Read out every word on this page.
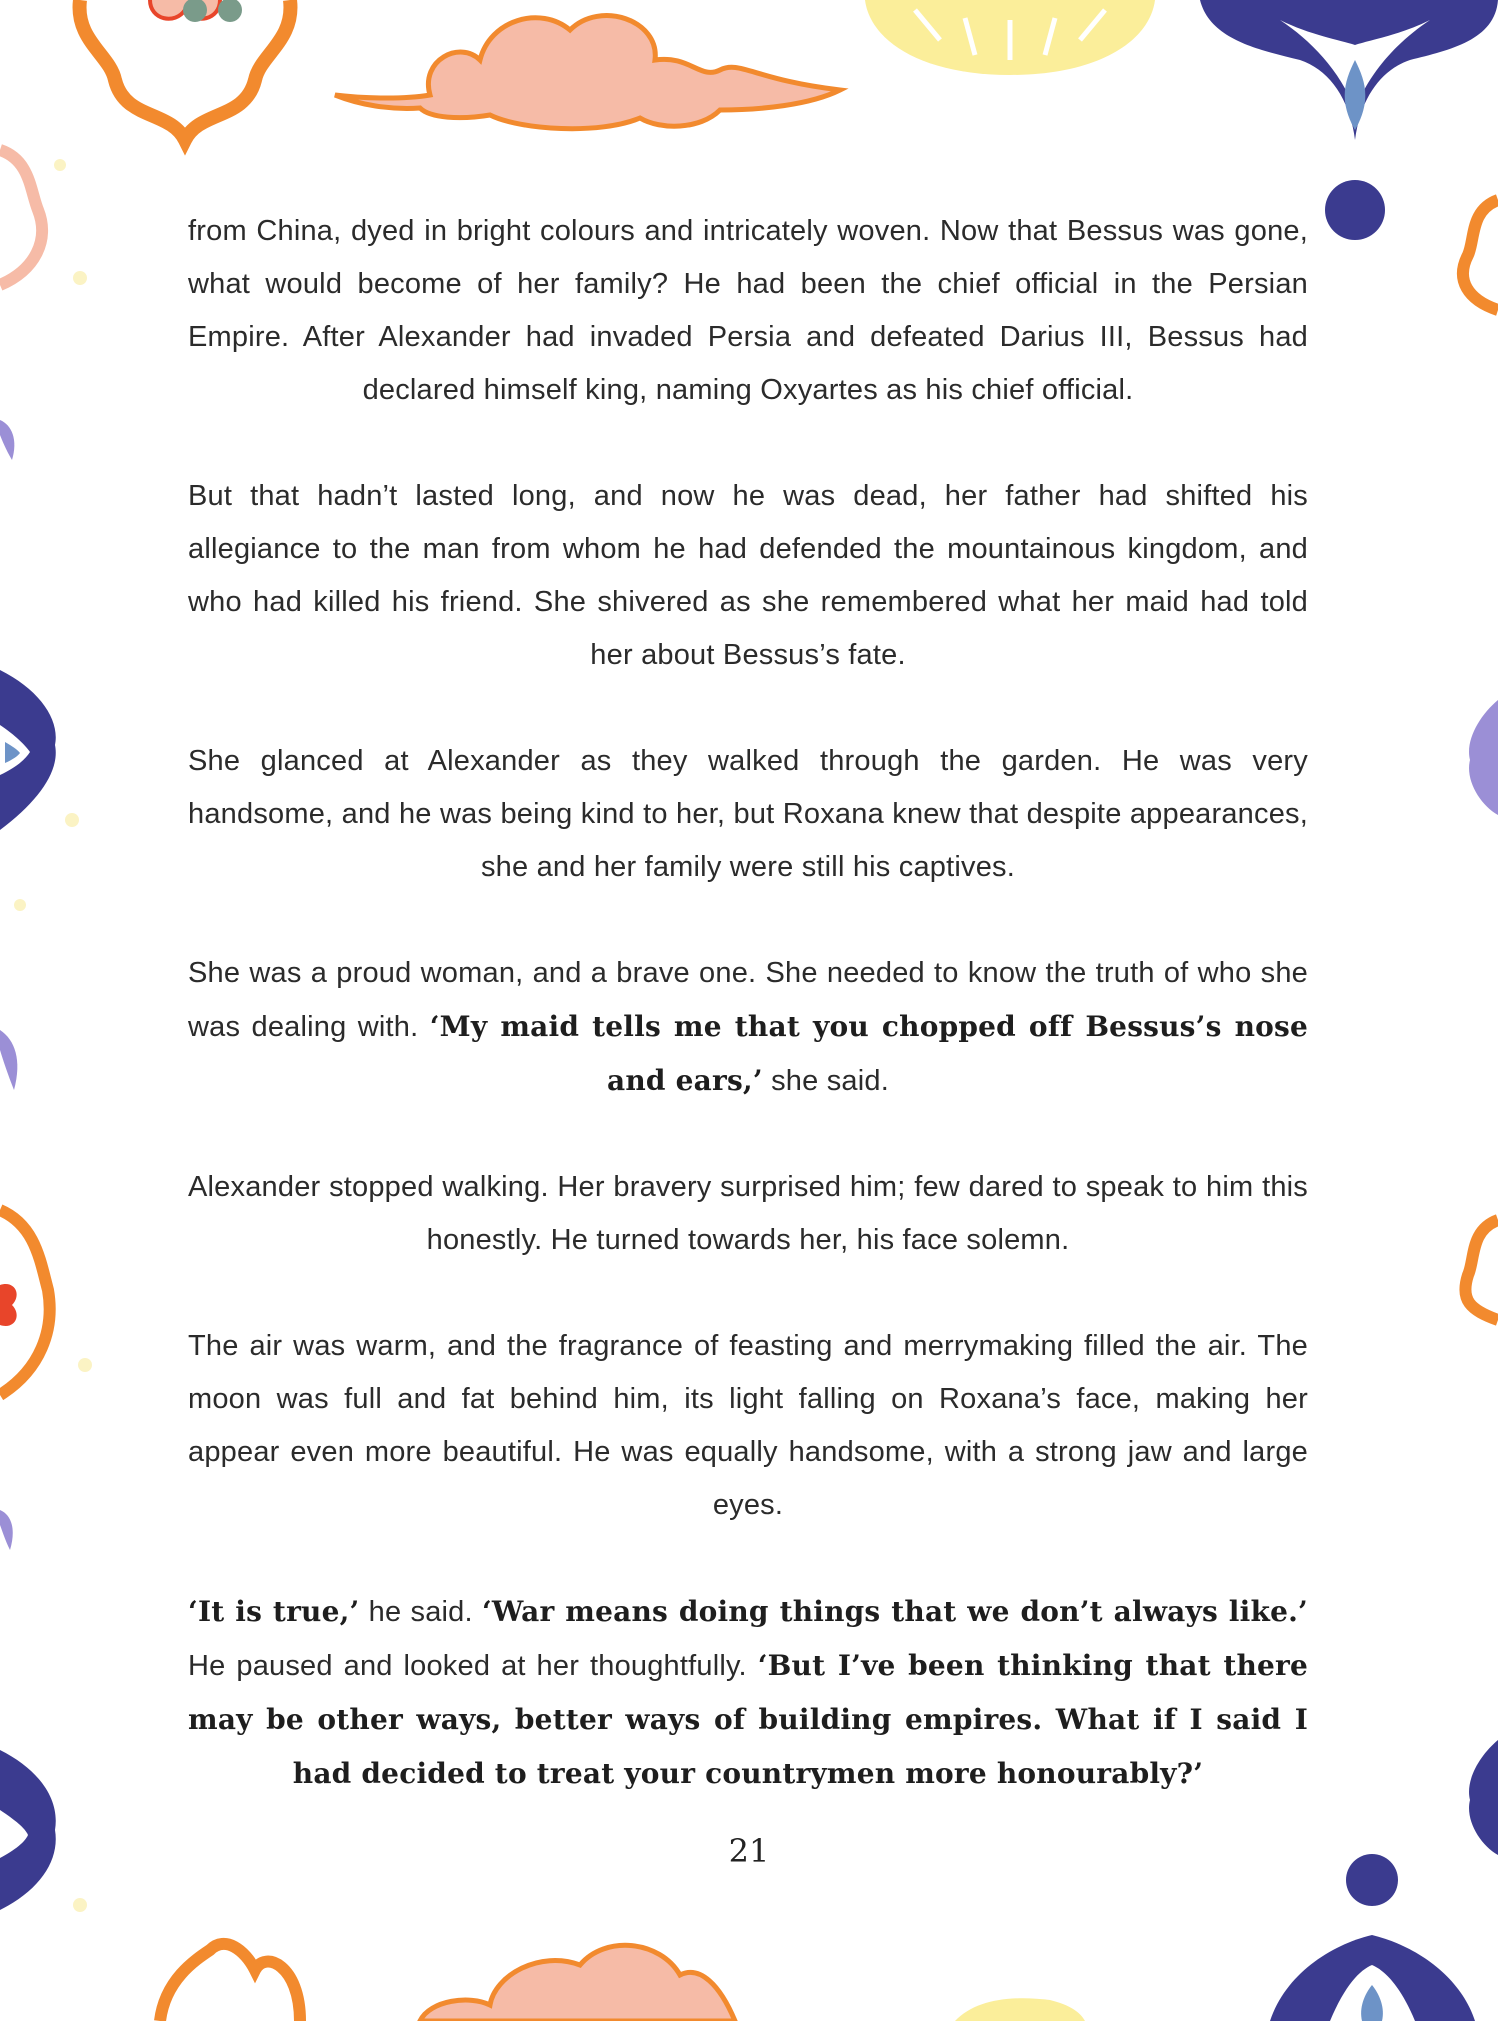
from China, dyed in bright colours and intricately woven. Now that Bessus was gone, what would become of her family? He had been the chief official in the Persian Empire. After Alexander had invaded Persia and defeated Darius III, Bessus had declared himself king, naming Oxyartes as his chief official.

But that hadn’t lasted long, and now he was dead, her father had shifted his allegiance to the man from whom he had defended the mountainous kingdom, and who had killed his friend. She shivered as she remembered what her maid had told her about Bessus’s fate.

She glanced at Alexander as they walked through the garden. He was very handsome, and he was being kind to her, but Roxana knew that despite appearances, she and her family were still his captives.

She was a proud woman, and a brave one. She needed to know the truth of who she was dealing with. ‘My maid tells me that you chopped off Bessus’s nose and ears,’ she said.

Alexander stopped walking. Her bravery surprised him; few dared to speak to him this honestly. He turned towards her, his face solemn.

The air was warm, and the fragrance of feasting and merrymaking filled the air. The moon was full and fat behind him, its light falling on Roxana’s face, making her appear even more beautiful. He was equally handsome, with a strong jaw and large eyes.

‘It is true,’ he said. ‘War means doing things that we don’t always like.’ He paused and looked at her thoughtfully. ‘But I’ve been thinking that there may be other ways, better ways of building empires. What if I said I had decided to treat your countrymen more honourably?’

21
